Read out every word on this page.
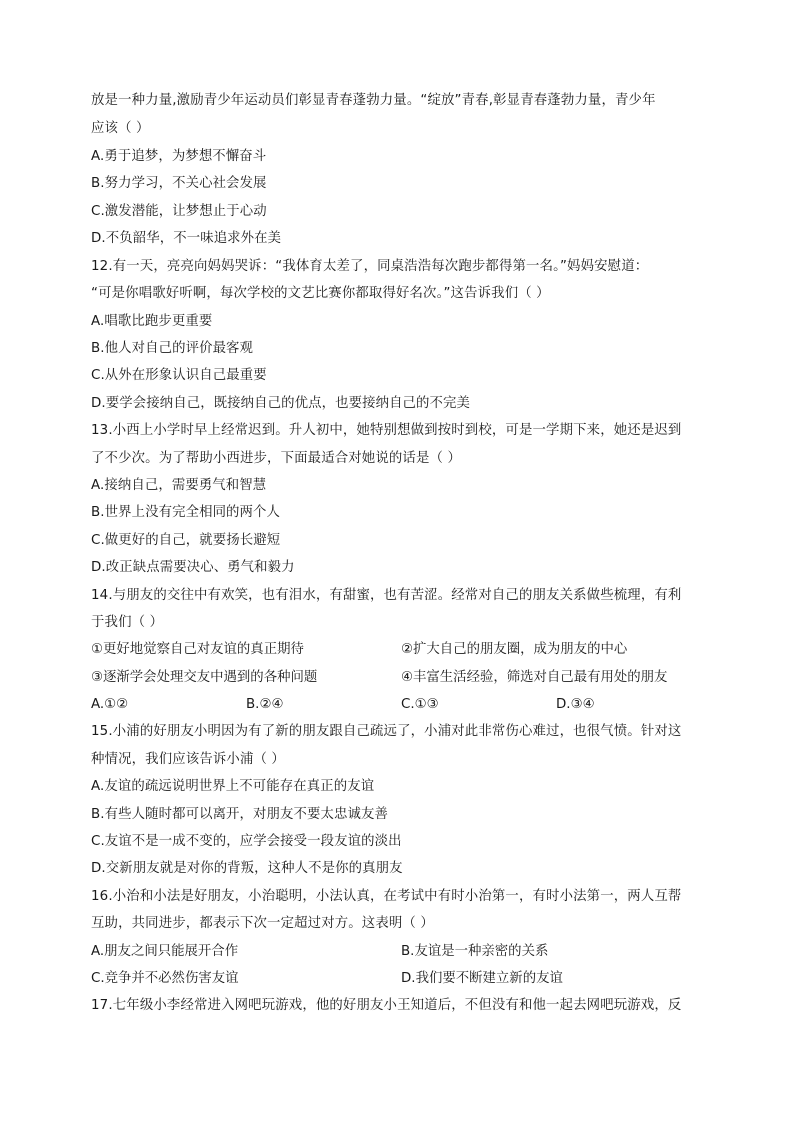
放是一种力量,激励青少年运动员们彰显青春蓬勃力量。“绽放”青春,彰显青春蓬勃力量，青少年
应该（ ）
A.勇于追梦，为梦想不懈奋斗
B.努力学习，不关心社会发展
C.激发潜能，让梦想止于心动
D.不负韶华，不一味追求外在美
12.有一天，亮亮向妈妈哭诉：“我体育太差了，同桌浩浩每次跑步都得第一名。”妈妈安慰道：
“可是你唱歌好听啊，每次学校的文艺比赛你都取得好名次。”这告诉我们（ ）
A.唱歌比跑步更重要
B.他人对自己的评价最客观
C.从外在形象认识自己最重要
D.要学会接纳自己，既接纳自己的优点，也要接纳自己的不完美
13.小西上小学时早上经常迟到。升人初中，她特别想做到按时到校，可是一学期下来，她还是迟到
了不少次。为了帮助小西进步，下面最适合对她说的话是（ ）
A.接纳自己，需要勇气和智慧
B.世界上没有完全相同的两个人
C.做更好的自己，就要扬长避短
D.改正缺点需要决心、勇气和毅力
14.与朋友的交往中有欢笑，也有泪水，有甜蜜，也有苦涩。经常对自己的朋友关系做些梳理，有利
于我们（ ）
①更好地觉察自己对友谊的真正期待	②扩大自己的朋友圈，成为朋友的中心
③逐渐学会处理交友中遇到的各种问题	④丰富生活经验，筛选对自己最有用处的朋友
A.①②	B.②④	C.①③	D.③④
15.小浦的好朋友小明因为有了新的朋友跟自己疏远了，小浦对此非常伤心难过，也很气愤。针对这
种情况，我们应该告诉小浦（ ）
A.友谊的疏远说明世界上不可能存在真正的友谊
B.有些人随时都可以离开，对朋友不要太忠诚友善
C.友谊不是一成不变的，应学会接受一段友谊的淡出
D.交新朋友就是对你的背叛，这种人不是你的真朋友
16.小治和小法是好朋友，小治聪明，小法认真，在考试中有时小治第一，有时小法第一，两人互帮
互助，共同进步，都表示下次一定超过对方。这表明（ ）
A.朋友之间只能展开合作	B.友谊是一种亲密的关系
C.竞争并不必然伤害友谊	D.我们要不断建立新的友谊
17.七年级小李经常进入网吧玩游戏，他的好朋友小王知道后，不但没有和他一起去网吧玩游戏，反
